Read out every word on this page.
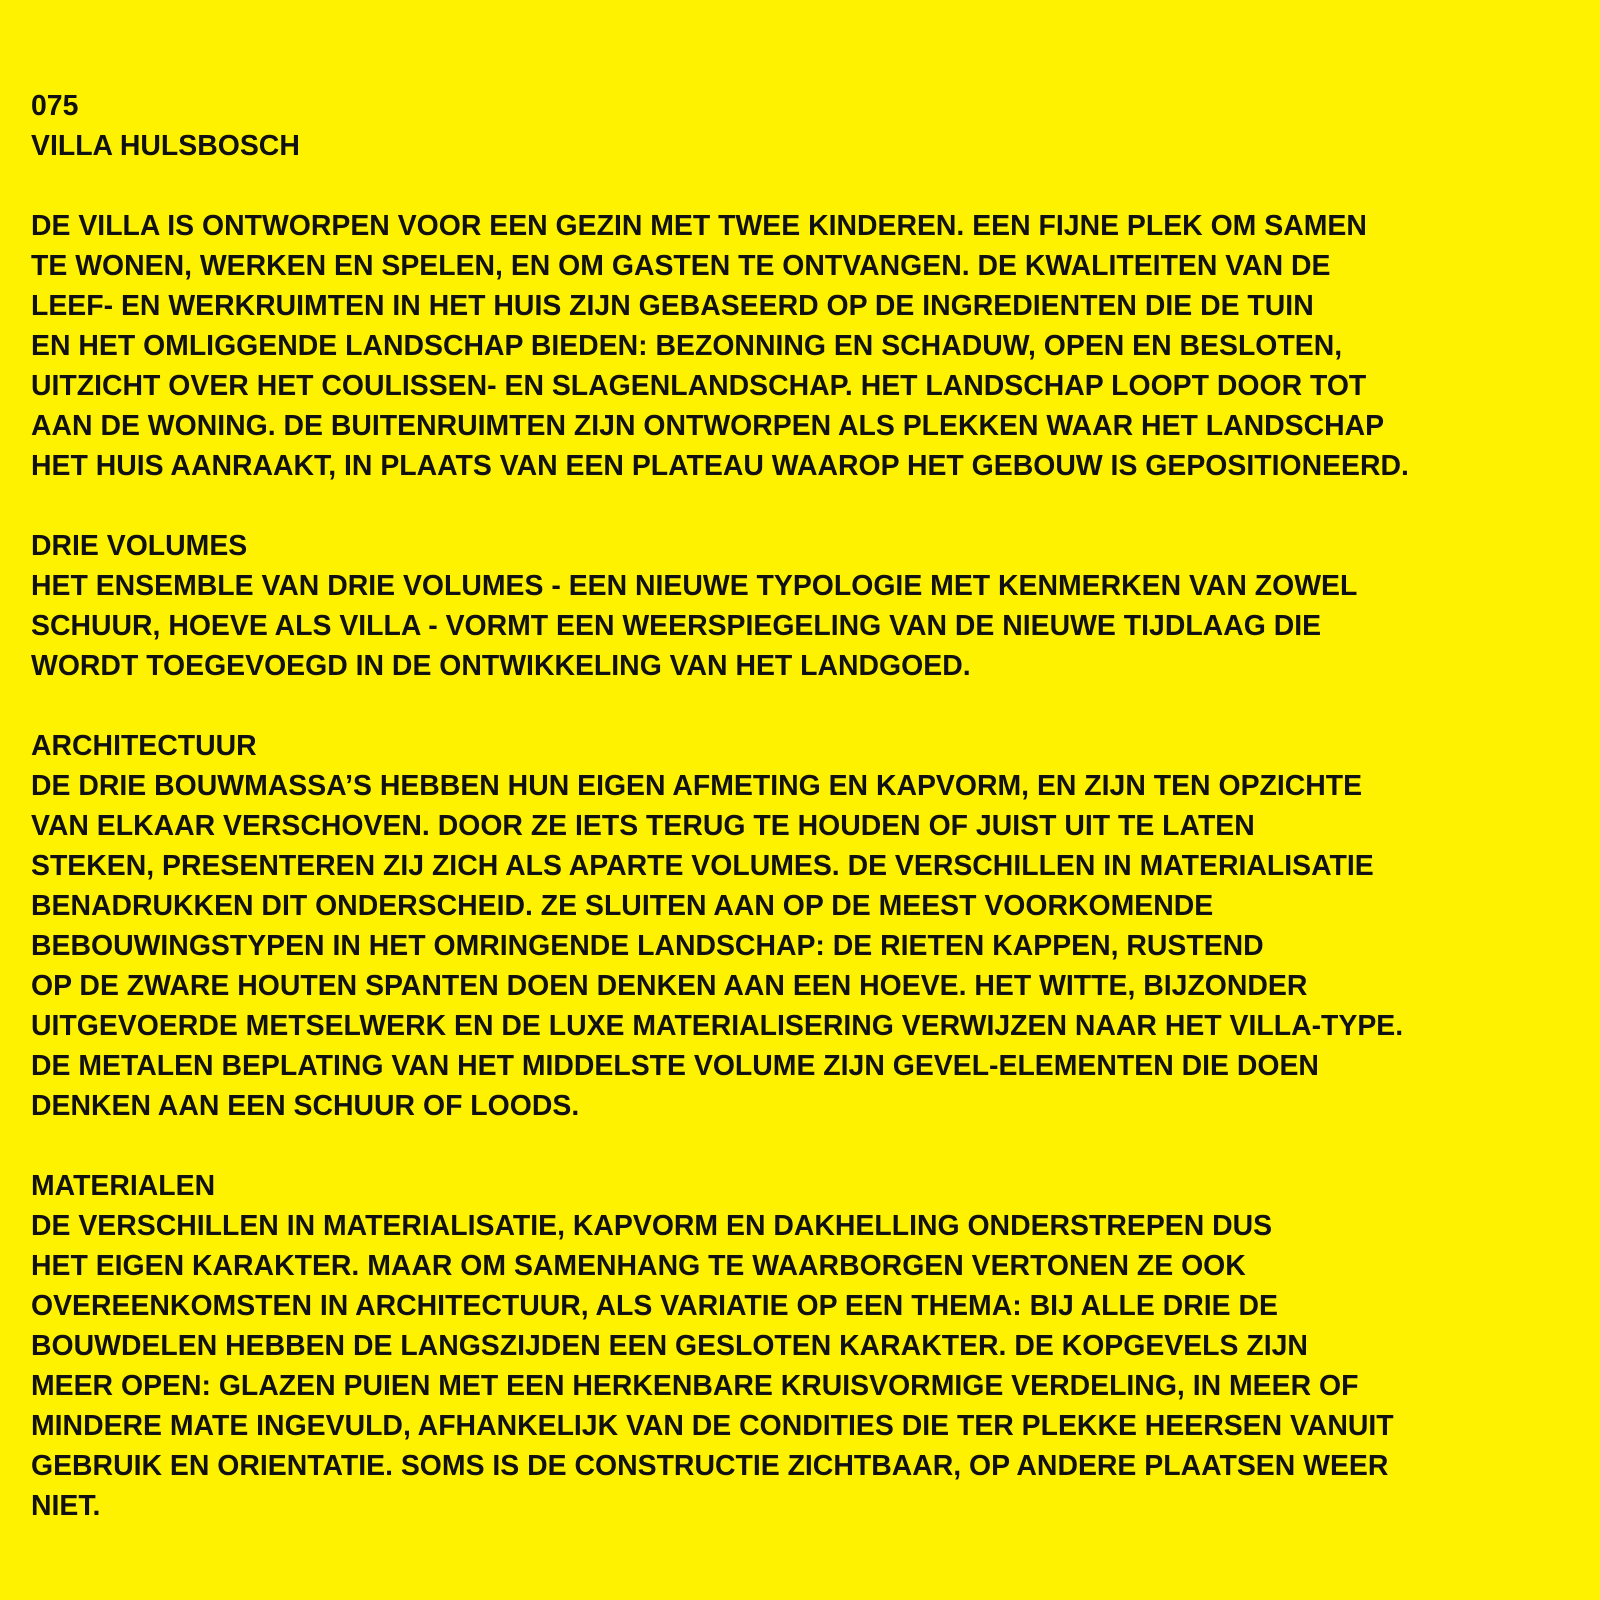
075
VILLA HULSBOSCH
DE VILLA IS ONTWORPEN VOOR EEN GEZIN MET TWEE KINDEREN. EEN FIJNE PLEK OM SAMEN
TE WONEN, WERKEN EN SPELEN, EN OM GASTEN TE ONTVANGEN. DE KWALITEITEN VAN DE
LEEF- EN WERKRUIMTEN IN HET HUIS ZIJN GEBASEERD OP DE INGREDIENTEN DIE DE TUIN
EN HET OMLIGGENDE LANDSCHAP BIEDEN: BEZONNING EN SCHADUW, OPEN EN BESLOTEN,
UITZICHT OVER HET COULISSEN- EN SLAGENLANDSCHAP. HET LANDSCHAP LOOPT DOOR TOT
AAN DE WONING. DE BUITENRUIMTEN ZIJN ONTWORPEN ALS PLEKKEN WAAR HET LANDSCHAP
HET HUIS AANRAAKT, IN PLAATS VAN EEN PLATEAU WAAROP HET GEBOUW IS GEPOSITIONEERD.
DRIE VOLUMES
HET ENSEMBLE VAN DRIE VOLUMES - EEN NIEUWE TYPOLOGIE MET KENMERKEN VAN ZOWEL
SCHUUR, HOEVE ALS VILLA - VORMT EEN WEERSPIEGELING VAN DE NIEUWE TIJDLAAG DIE
WORDT TOEGEVOEGD IN DE ONTWIKKELING VAN HET LANDGOED.
ARCHITECTUUR
DE DRIE BOUWMASSA’S HEBBEN HUN EIGEN AFMETING EN KAPVORM, EN ZIJN TEN OPZICHTE
VAN ELKAAR VERSCHOVEN. DOOR ZE IETS TERUG TE HOUDEN OF JUIST UIT TE LATEN
STEKEN, PRESENTEREN ZIJ ZICH ALS APARTE VOLUMES. DE VERSCHILLEN IN MATERIALISATIE
BENADRUKKEN DIT ONDERSCHEID. ZE SLUITEN AAN OP DE MEEST VOORKOMENDE
BEBOUWINGSTYPEN IN HET OMRINGENDE LANDSCHAP: DE RIETEN KAPPEN, RUSTEND
OP DE ZWARE HOUTEN SPANTEN DOEN DENKEN AAN EEN HOEVE. HET WITTE, BIJZONDER
UITGEVOERDE METSELWERK EN DE LUXE MATERIALISERING VERWIJZEN NAAR HET VILLA-TYPE.
DE METALEN BEPLATING VAN HET MIDDELSTE VOLUME ZIJN GEVEL-ELEMENTEN DIE DOEN
DENKEN AAN EEN SCHUUR OF LOODS.
MATERIALEN
DE VERSCHILLEN IN MATERIALISATIE, KAPVORM EN DAKHELLING ONDERSTREPEN DUS
HET EIGEN KARAKTER. MAAR OM SAMENHANG TE WAARBORGEN VERTONEN ZE OOK
OVEREENKOMSTEN IN ARCHITECTUUR, ALS VARIATIE OP EEN THEMA: BIJ ALLE DRIE DE
BOUWDELEN HEBBEN DE LANGSZIJDEN EEN GESLOTEN KARAKTER. DE KOPGEVELS ZIJN
MEER OPEN: GLAZEN PUIEN MET EEN HERKENBARE KRUISVORMIGE VERDELING, IN MEER OF
MINDERE MATE INGEVULD, AFHANKELIJK VAN DE CONDITIES DIE TER PLEKKE HEERSEN VANUIT
GEBRUIK EN ORIENTATIE. SOMS IS DE CONSTRUCTIE ZICHTBAAR, OP ANDERE PLAATSEN WEER
NIET.
